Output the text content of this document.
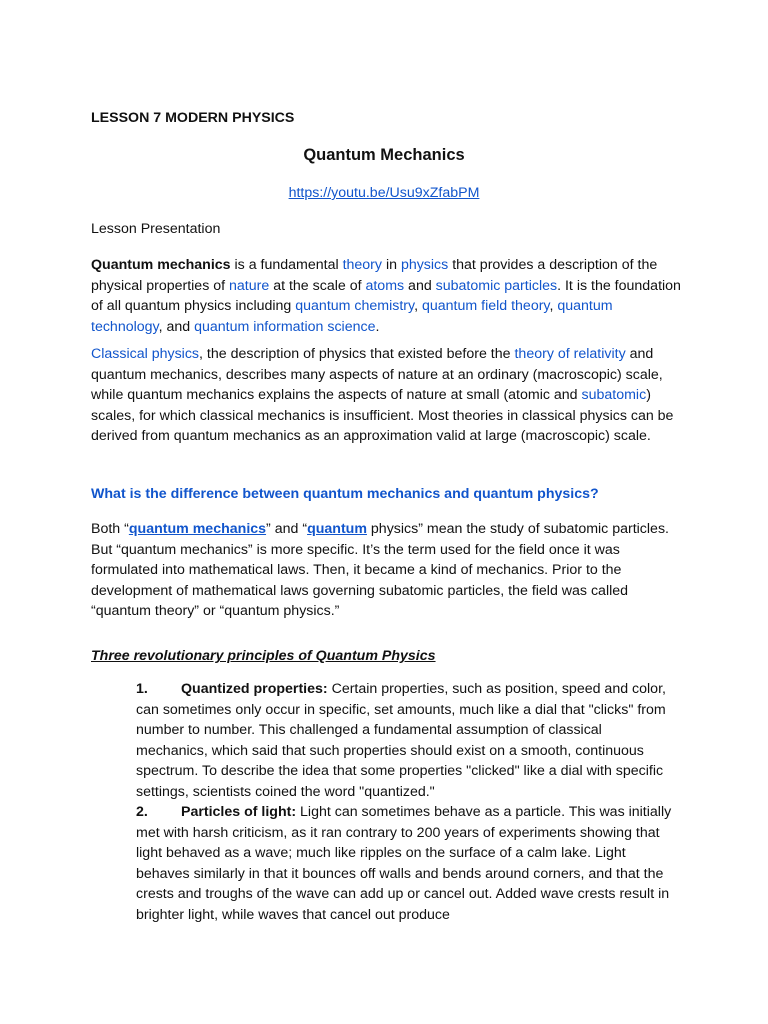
LESSON 7 MODERN PHYSICS
Quantum Mechanics
https://youtu.be/Usu9xZfabPM
Lesson Presentation
Quantum mechanics is a fundamental theory in physics that provides a description of the physical properties of nature at the scale of atoms and subatomic particles. It is the foundation of all quantum physics including quantum chemistry, quantum field theory, quantum technology, and quantum information science.
Classical physics, the description of physics that existed before the theory of relativity and quantum mechanics, describes many aspects of nature at an ordinary (macroscopic) scale, while quantum mechanics explains the aspects of nature at small (atomic and subatomic) scales, for which classical mechanics is insufficient. Most theories in classical physics can be derived from quantum mechanics as an approximation valid at large (macroscopic) scale.
What is the difference between quantum mechanics and quantum physics?
Both “quantum mechanics” and “quantum physics” mean the study of subatomic particles. But “quantum mechanics” is more specific. It’s the term used for the field once it was formulated into mathematical laws. Then, it became a kind of mechanics. Prior to the development of mathematical laws governing subatomic particles, the field was called “quantum theory” or “quantum physics.”
Three revolutionary principles of Quantum Physics
1. Quantized properties: Certain properties, such as position, speed and color, can sometimes only occur in specific, set amounts, much like a dial that "clicks" from number to number. This challenged a fundamental assumption of classical mechanics, which said that such properties should exist on a smooth, continuous spectrum. To describe the idea that some properties "clicked" like a dial with specific settings, scientists coined the word "quantized."
2. Particles of light: Light can sometimes behave as a particle. This was initially met with harsh criticism, as it ran contrary to 200 years of experiments showing that light behaved as a wave; much like ripples on the surface of a calm lake. Light behaves similarly in that it bounces off walls and bends around corners, and that the crests and troughs of the wave can add up or cancel out. Added wave crests result in brighter light, while waves that cancel out produce
